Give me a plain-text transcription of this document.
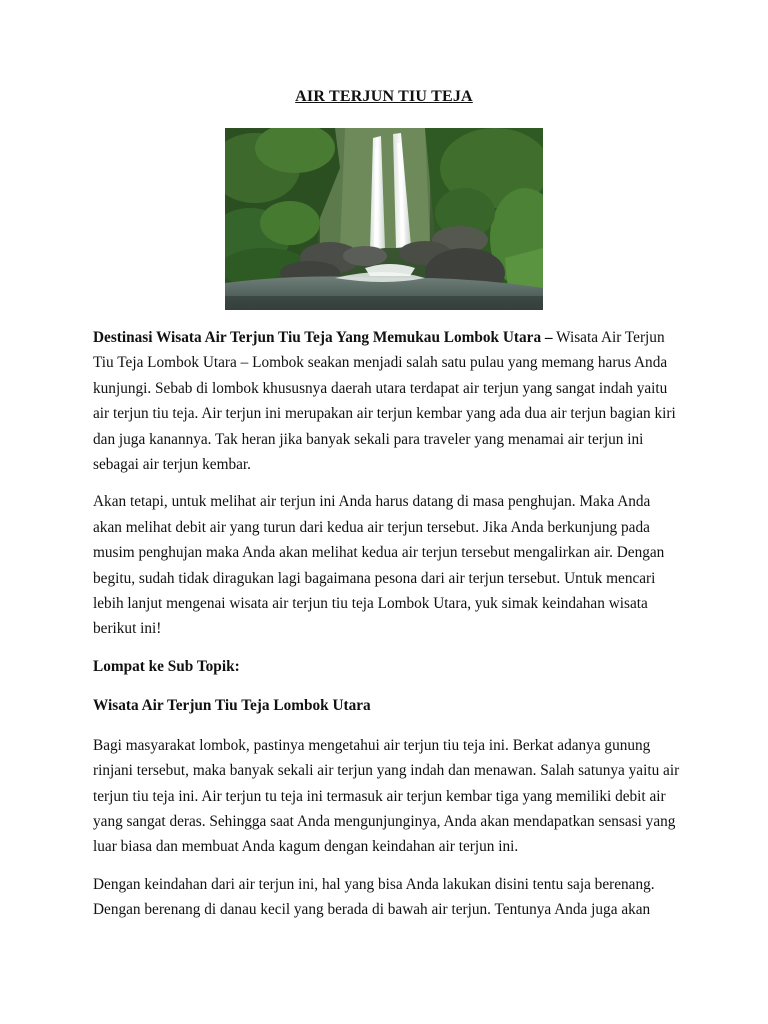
AIR TERJUN TIU TEJA

Destinasi Wisata Air Terjun Tiu Teja Yang Memukau Lombok Utara – Wisata Air Terjun Tiu Teja Lombok Utara – Lombok seakan menjadi salah satu pulau yang memang harus Anda kunjungi. Sebab di lombok khususnya daerah utara terdapat air terjun yang sangat indah yaitu air terjun tiu teja. Air terjun ini merupakan air terjun kembar yang ada dua air terjun bagian kiri dan juga kanannya. Tak heran jika banyak sekali para traveler yang menamai air terjun ini sebagai air terjun kembar.

Akan tetapi, untuk melihat air terjun ini Anda harus datang di masa penghujan. Maka Anda akan melihat debit air yang turun dari kedua air terjun tersebut. Jika Anda berkunjung pada musim penghujan maka Anda akan melihat kedua air terjun tersebut mengalirkan air. Dengan begitu, sudah tidak diragukan lagi bagaimana pesona dari air terjun tersebut. Untuk mencari lebih lanjut mengenai wisata air terjun tiu teja Lombok Utara, yuk simak keindahan wisata berikut ini!

Lompat ke Sub Topik:

Wisata Air Terjun Tiu Teja Lombok Utara

Bagi masyarakat lombok, pastinya mengetahui air terjun tiu teja ini. Berkat adanya gunung rinjani tersebut, maka banyak sekali air terjun yang indah dan menawan. Salah satunya yaitu air terjun tiu teja ini. Air terjun tu teja ini termasuk air terjun kembar tiga yang memiliki debit air yang sangat deras. Sehingga saat Anda mengunjunginya, Anda akan mendapatkan sensasi yang luar biasa dan membuat Anda kagum dengan keindahan air terjun ini.

Dengan keindahan dari air terjun ini, hal yang bisa Anda lakukan disini tentu saja berenang. Dengan berenang di danau kecil yang berada di bawah air terjun. Tentunya Anda juga akan
